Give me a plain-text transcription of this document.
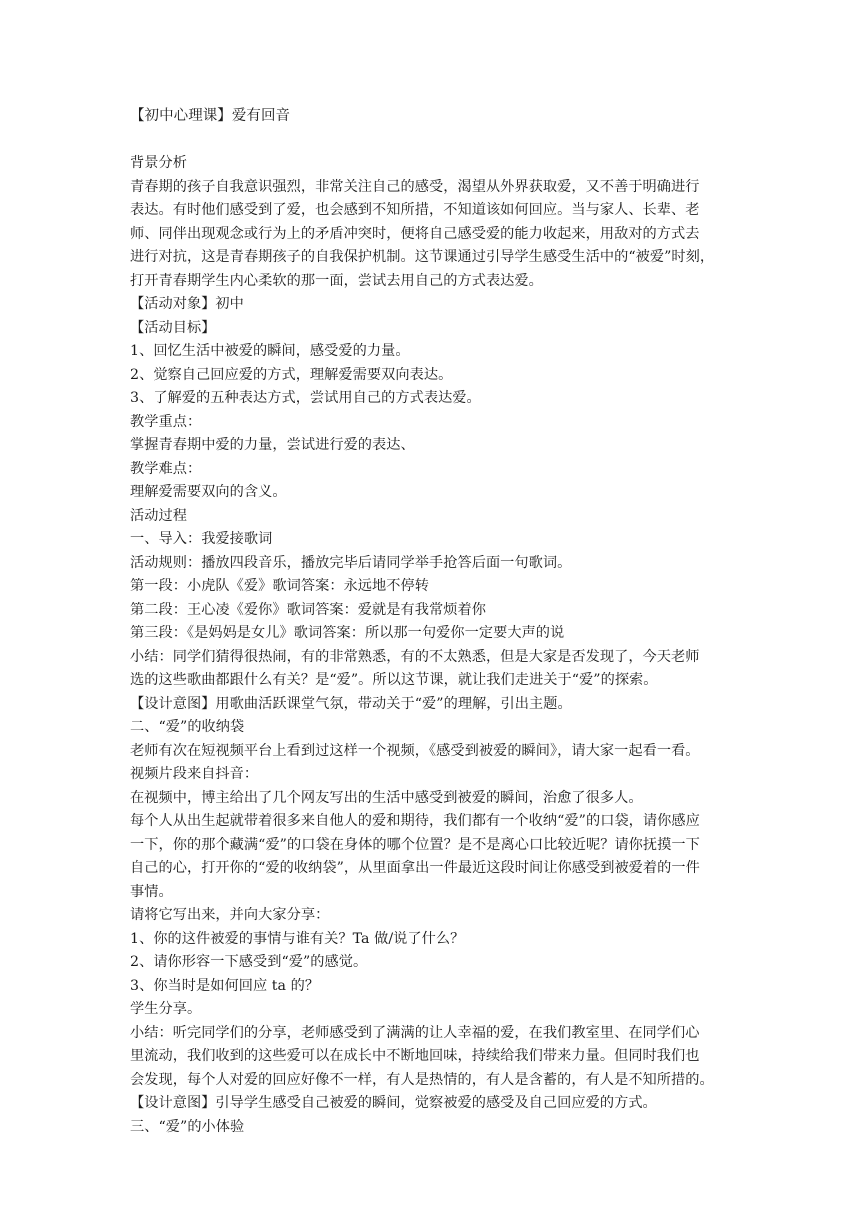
【初中心理课】爱有回音
背景分析
青春期的孩子自我意识强烈，非常关注自己的感受，渴望从外界获取爱，又不善于明确进行
表达。有时他们感受到了爱，也会感到不知所措，不知道该如何回应。当与家人、长辈、老
师、同伴出现观念或行为上的矛盾冲突时，便将自己感受爱的能力收起来，用敌对的方式去
进行对抗，这是青春期孩子的自我保护机制。这节课通过引导学生感受生活中的“被爱”时刻，
打开青春期学生内心柔软的那一面，尝试去用自己的方式表达爱。
【活动对象】初中
【活动目标】
1、回忆生活中被爱的瞬间，感受爱的力量。
2、觉察自己回应爱的方式，理解爱需要双向表达。
3、了解爱的五种表达方式，尝试用自己的方式表达爱。
教学重点：
掌握青春期中爱的力量，尝试进行爱的表达、
教学难点：
理解爱需要双向的含义。
活动过程
一、导入：我爱接歌词
活动规则：播放四段音乐，播放完毕后请同学举手抢答后面一句歌词。
第一段：小虎队《爱》歌词答案：永远地不停转
第二段：王心凌《爱你》歌词答案：爱就是有我常烦着你
第三段：《是妈妈是女儿》歌词答案：所以那一句爱你一定要大声的说
小结：同学们猜得很热闹，有的非常熟悉，有的不太熟悉，但是大家是否发现了，今天老师
选的这些歌曲都跟什么有关？是“爱”。所以这节课，就让我们走进关于“爱”的探索。
【设计意图】用歌曲活跃课堂气氛，带动关于“爱”的理解，引出主题。
二、“爱”的收纳袋
老师有次在短视频平台上看到过这样一个视频，《感受到被爱的瞬间》，请大家一起看一看。
视频片段来自抖音：
在视频中，博主给出了几个网友写出的生活中感受到被爱的瞬间，治愈了很多人。
每个人从出生起就带着很多来自他人的爱和期待，我们都有一个收纳“爱”的口袋，请你感应
一下，你的那个藏满“爱”的口袋在身体的哪个位置？是不是离心口比较近呢？请你抚摸一下
自己的心，打开你的“爱的收纳袋”，从里面拿出一件最近这段时间让你感受到被爱着的一件
事情。
请将它写出来，并向大家分享：
1、你的这件被爱的事情与谁有关？Ta 做/说了什么？
2、请你形容一下感受到“爱”的感觉。
3、你当时是如何回应 ta 的？
学生分享。
小结：听完同学们的分享，老师感受到了满满的让人幸福的爱，在我们教室里、在同学们心
里流动，我们收到的这些爱可以在成长中不断地回味，持续给我们带来力量。但同时我们也
会发现，每个人对爱的回应好像不一样，有人是热情的，有人是含蓄的，有人是不知所措的。
【设计意图】引导学生感受自己被爱的瞬间，觉察被爱的感受及自己回应爱的方式。
三、“爱”的小体验
